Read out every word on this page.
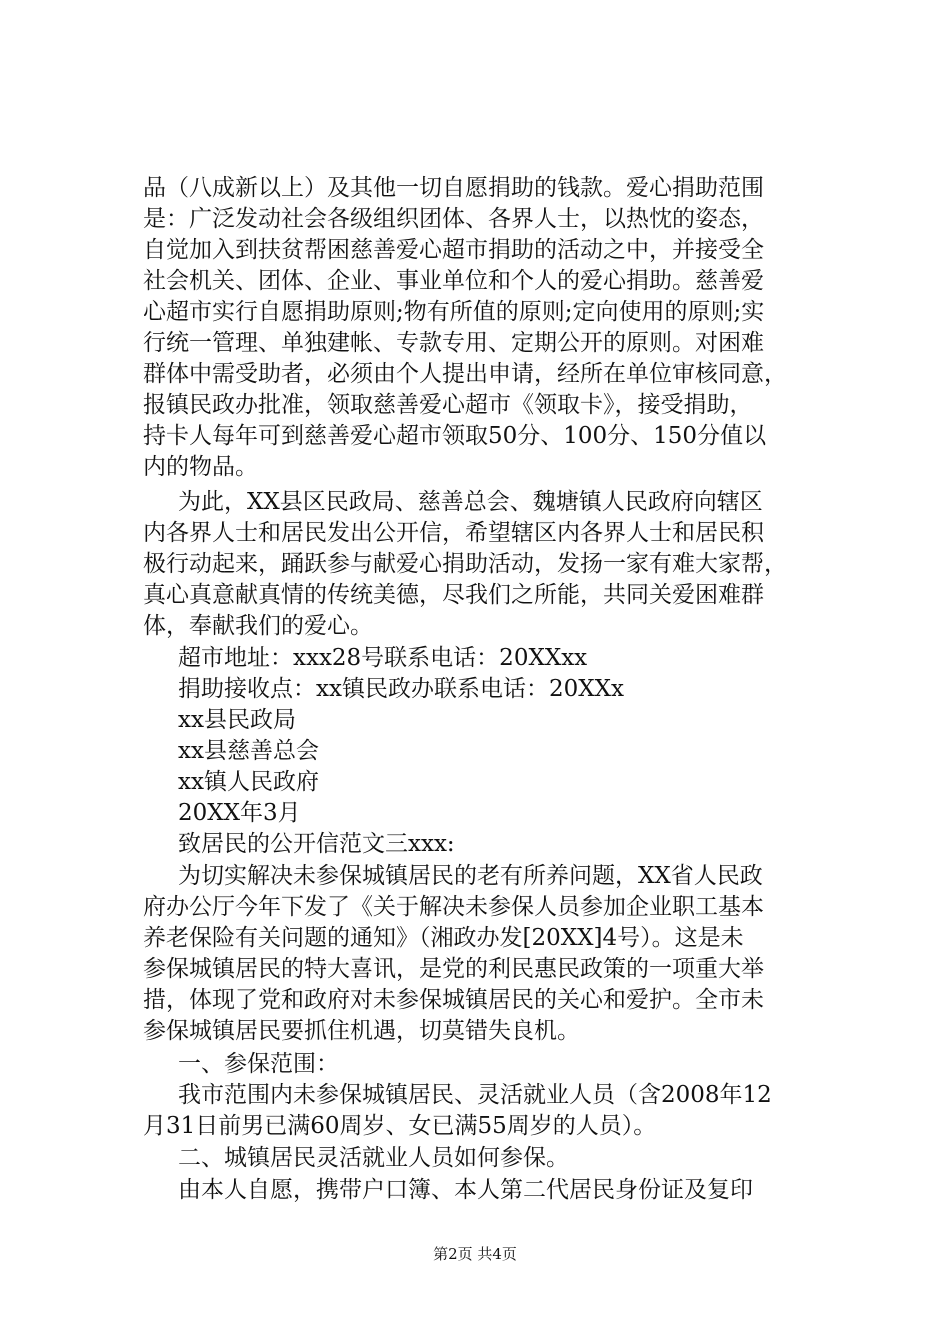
品（八成新以上）及其他一切自愿捐助的钱款。爱心捐助范围
是：广泛发动社会各级组织团体、各界人士，以热忱的姿态，
自觉加入到扶贫帮困慈善爱心超市捐助的活动之中，并接受全
社会机关、团体、企业、事业单位和个人的爱心捐助。慈善爱
心超市实行自愿捐助原则;物有所值的原则;定向使用的原则;实
行统一管理、单独建帐、专款专用、定期公开的原则。对困难
群体中需受助者，必须由个人提出申请，经所在单位审核同意，
报镇民政办批准，领取慈善爱心超市《领取卡》，接受捐助，
持卡人每年可到慈善爱心超市领取50分、100分、150分值以
内的物品。
为此，XX县区民政局、慈善总会、魏塘镇人民政府向辖区
内各界人士和居民发出公开信，希望辖区内各界人士和居民积
极行动起来，踊跃参与献爱心捐助活动，发扬一家有难大家帮，
真心真意献真情的传统美德，尽我们之所能，共同关爱困难群
体，奉献我们的爱心。
超市地址：xxx28号联系电话：20XXxx
捐助接收点：xx镇民政办联系电话：20XXx
xx县民政局
xx县慈善总会
xx镇人民政府
20XX年3月
致居民的公开信范文三xxx:
为切实解决未参保城镇居民的老有所养问题，XX省人民政
府办公厅今年下发了《关于解决未参保人员参加企业职工基本
养老保险有关问题的通知》（湘政办发[20XX]4号）。这是未
参保城镇居民的特大喜讯，是党的利民惠民政策的一项重大举
措，体现了党和政府对未参保城镇居民的关心和爱护。全市未
参保城镇居民要抓住机遇，切莫错失良机。
一、参保范围：
我市范围内未参保城镇居民、灵活就业人员（含2008年12
月31日前男已满60周岁、女已满55周岁的人员）。
二、城镇居民灵活就业人员如何参保。
由本人自愿，携带户口簿、本人第二代居民身份证及复印
第2页 共4页
